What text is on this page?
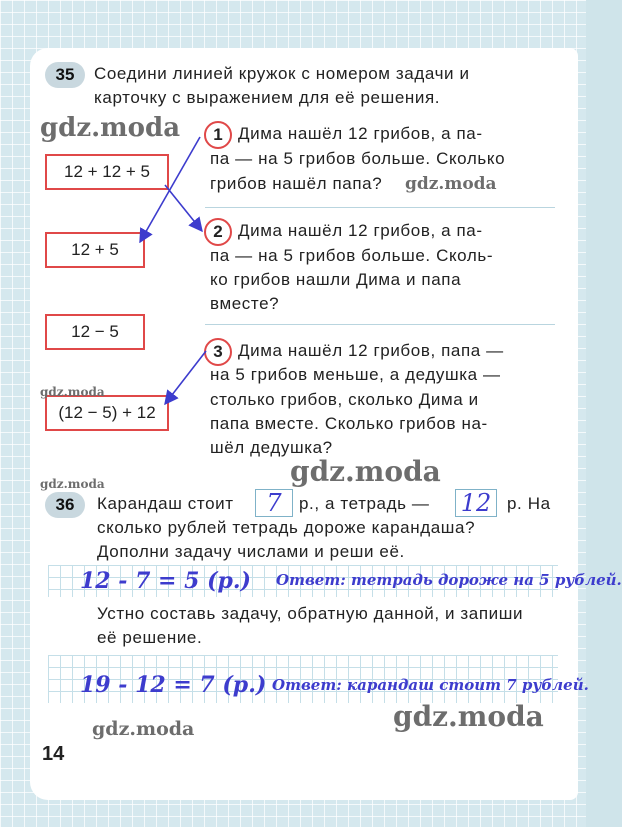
35	Соедини линией кружок с номером задачи и
карточку с выражением для её решения.
12 + 12 + 5
12 + 5
12 − 5
(12 − 5) + 12
1
2
3
Дима нашёл 12 грибов, а па-
па — на 5 грибов больше. Сколько
грибов нашёл папа?
Дима нашёл 12 грибов, а па-
па — на 5 грибов больше. Сколь-
ко грибов нашли Дима и папа
вместе?
Дима нашёл 12 грибов, папа —
на 5 грибов меньше, а дедушка —
столько грибов, сколько Дима и
папа вместе. Сколько грибов на-
шёл дедушка?
36	Карандаш стоит	7	р., а тетрадь — 12 р. На
сколько рублей тетрадь дороже карандаша?
Дополни задачу числами и реши её.
12 - 7 = 5 (р.) Ответ: тетрадь дороже на 5 рублей.
Устно составь задачу, обратную данной, и запиши
её решение.
19 - 12 = 7 (р.) Ответ: карандаш стоит 7 рублей.
14
gdz.moda
gdz.moda
gdz.moda
gdz.moda
gdz.moda
gdz.moda
gdz.moda
